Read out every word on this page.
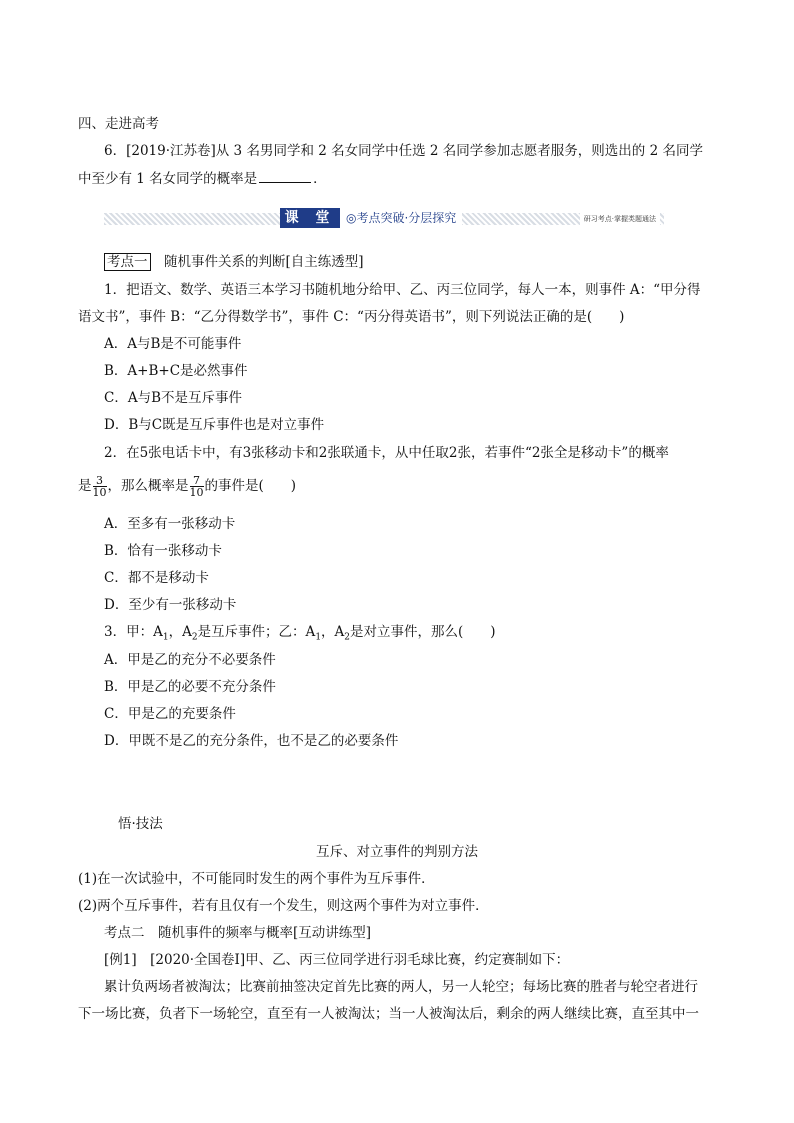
四、走进高考
6．[2019·江苏卷]从 3 名男同学和 2 名女同学中任选 2 名同学参加志愿者服务，则选出的 2 名同学
中至少有 1 名女同学的概率是	．
课 堂 ◎考点突破·分层探究	研习考点·掌握类题通法
考点一　 随机事件关系的判断[自主练透型]
1．把语文、数学、英语三本学习书随机地分给甲、乙、丙三位同学，每人一本，则事件 A：“甲分得
语文书”，事件 B：“乙分得数学书”，事件 C：“丙分得英语书”，则下列说法正确的是(　　)
A．A与B是不可能事件
B．A+B+C是必然事件
C．A与B不是互斥事件
D．B与C既是互斥事件也是对立事件
2．在5张电话卡中，有3张移动卡和2张联通卡，从中任取2张，若事件“2张全是移动卡”的概率
是 $\frac{3}{10}$ ，那么概率是 $\frac{7}{10}$ 的事件是(　　)
A．至多有一张移动卡
B．恰有一张移动卡
C．都不是移动卡
D．至少有一张移动卡
3．甲：$A_1$，$A_2$是互斥事件；乙：$A_1$，$A_2$是对立事件，那么(　　)
A．甲是乙的充分不必要条件
B．甲是乙的必要不充分条件
C．甲是乙的充要条件
D．甲既不是乙的充分条件，也不是乙的必要条件
悟·技法
互斥、对立事件的判别方法
(1)在一次试验中，不可能同时发生的两个事件为互斥事件．
(2)两个互斥事件，若有且仅有一个发生，则这两个事件为对立事件．
考点二　随机事件的频率与概率[互动讲练型]
[例1]　[2020·全国卷Ⅰ]甲、乙、丙三位同学进行羽毛球比赛，约定赛制如下：
累计负两场者被淘汰；比赛前抽签决定首先比赛的两人，另一人轮空；每场比赛的胜者与轮空者进行
下一场比赛，负者下一场轮空，直至有一人被淘汰；当一人被淘汰后，剩余的两人继续比赛，直至其中一
